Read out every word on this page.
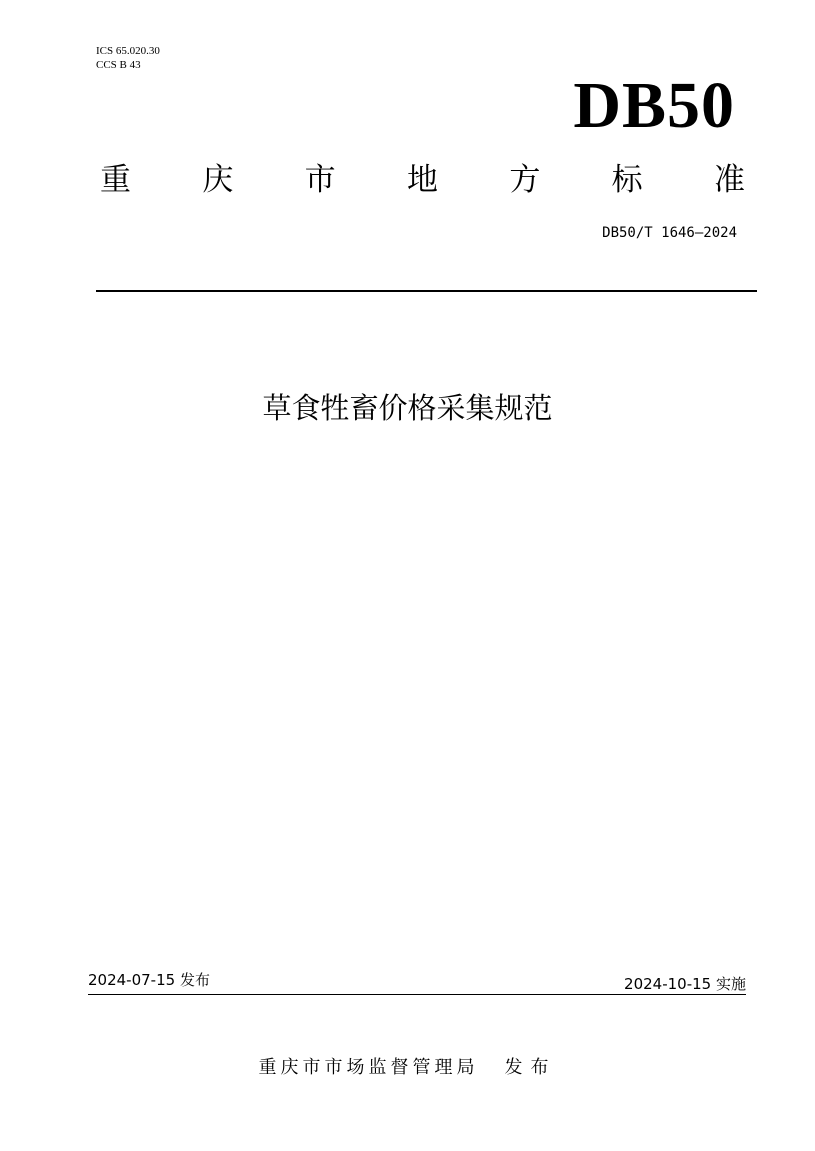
ICS 65.020.30
CCS B 43
DB50
重 庆 市 地 方 标 准
DB50/T 1646—2024
草食牲畜价格采集规范
2024-07-15 发布	2024-10-15 实施
重庆市市场监督管理局 发布
